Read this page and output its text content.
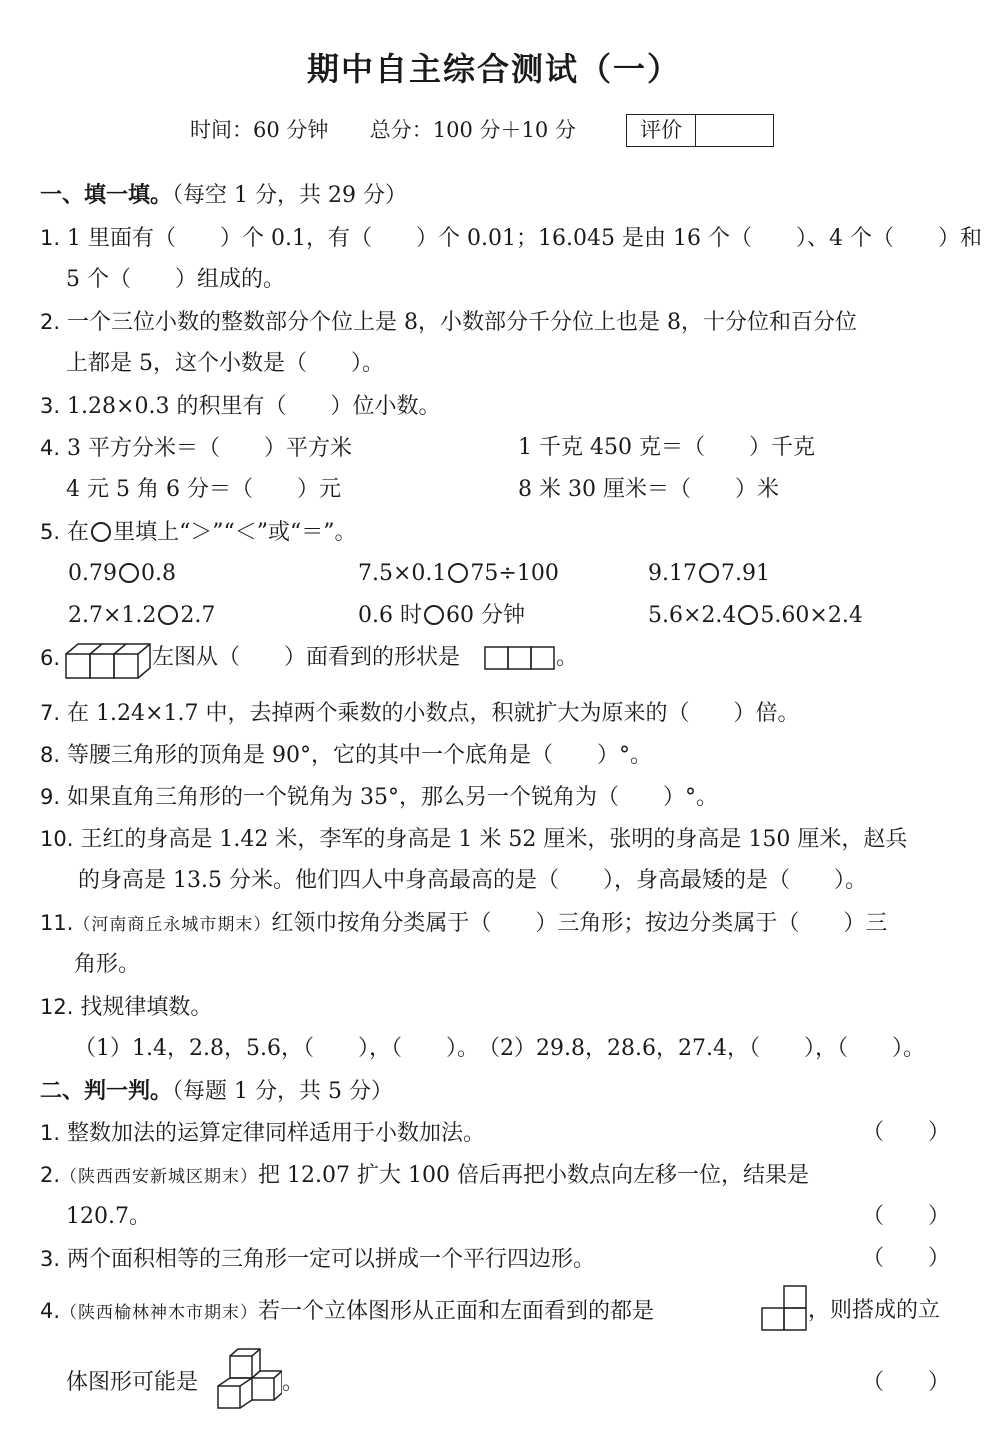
期中自主综合测试（一）
时间：60 分钟 总分：100 分＋10 分	评价
一、填一填。（每空 1 分，共 29 分）
1. 1 里面有（　　）个 0.1，有（　　）个 0.01；16.045 是由 16 个（　　）、4 个（　　）和
5 个（　　）组成的。
2. 一个三位小数的整数部分个位上是 8，小数部分千分位上也是 8，十分位和百分位
上都是 5，这个小数是（　　）。
3. 1.28×0.3 的积里有（　　）位小数。
4. 3 平方分米＝（　　）平方米	1 千克 450 克＝（　　）千克
4 元 5 角 6 分＝（　　）元	8 米 30 厘米＝（　　）米
5. 在 里填上“＞”“＜”或“＝”。
0.79 0.8	7.5×0.1 75÷100	9.17 7.91
2.7×1.2 2.7	0.6 时 60 分钟	5.6×2.4 5.60×2.4
6.	左图从（　　）面看到的形状是	。
7. 在 1.24×1.7 中，去掉两个乘数的小数点，积就扩大为原来的（　　）倍。
8. 等腰三角形的顶角是 90°，它的其中一个底角是（　　）°。
9. 如果直角三角形的一个锐角为 35°，那么另一个锐角为（　　）°。
10. 王红的身高是 1.42 米，李军的身高是 1 米 52 厘米，张明的身高是 150 厘米，赵兵
的身高是 13.5 分米。他们四人中身高最高的是（　　），身高最矮的是（　　）。
11.（河南商丘永城市期末）红领巾按角分类属于（　　）三角形；按边分类属于（　　）三
角形。
12. 找规律填数。
（1）1.4，2.8，5.6，（　　），（　　）。 （2）29.8，28.6，27.4，（　　），（　　）。
二、判一判。（每题 1 分，共 5 分）
1. 整数加法的运算定律同样适用于小数加法。	（　　）
2.（陕西西安新城区期末）把 12.07 扩大 100 倍后再把小数点向左移一位，结果是
120.7。	（　　）
3. 两个面积相等的三角形一定可以拼成一个平行四边形。	（　　）
4.（陕西榆林神木市期末）若一个立体图形从正面和左面看到的都是	，则搭成的立
体图形可能是	。	（　　）
